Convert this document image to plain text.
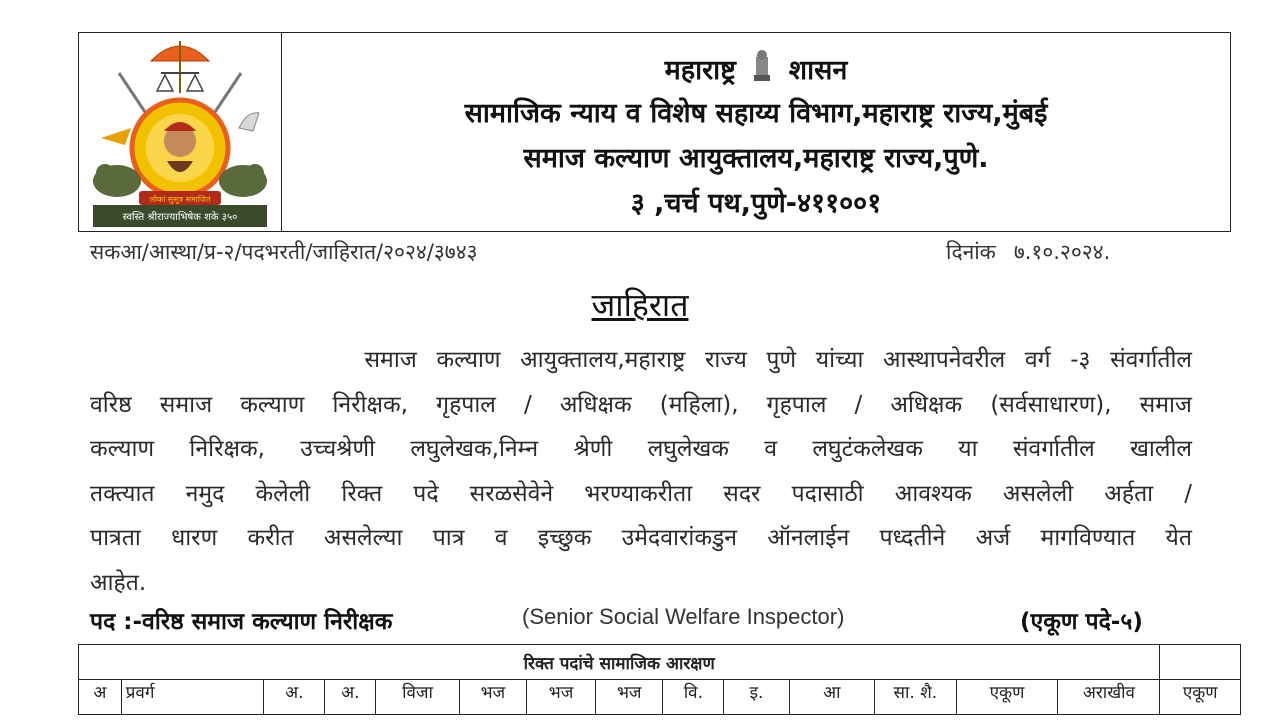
लोकां सुसूत्र समाजितं
स्वस्ति श्रीराज्याभिषेक शके ३५०
महाराष्ट्र शासन
सामाजिक न्याय व विशेष सहाय्य विभाग,महाराष्ट्र राज्य,मुंबई
समाज कल्याण आयुक्तालय,महाराष्ट्र राज्य,पुणे.
३ ,चर्च पथ,पुणे-४११००१
सकआ/आस्था/प्र-२/पदभरती/जाहिरात/२०२४/३७४३	दिनांक ७.१०.२०२४.
जाहिरात
समाज कल्याण आयुक्तालय,महाराष्ट्र राज्य पुणे यांच्या आस्थापनेवरील वर्ग -३ संवर्गातील
वरिष्ठ समाज कल्याण निरीक्षक, गृहपाल / अधिक्षक (महिला), गृहपाल / अधिक्षक (सर्वसाधारण), समाज
कल्याण निरिक्षक, उच्चश्रेणी लघुलेखक,निम्न श्रेणी लघुलेखक व लघुटंकलेखक या संवर्गातील खालील
तक्त्यात नमुद केलेली रिक्त पदे सरळसेवेने भरण्याकरीता सदर पदासाठी आवश्यक असलेली अर्हता /
पात्रता धारण करीत असलेल्या पात्र व इच्छुक उमेदवारांकडुन ऑनलाईन पध्दतीने अर्ज मागविण्यात येत
आहेत.
पद :-वरिष्ठ समाज कल्याण निरीक्षक	(Senior Social Welfare Inspector)	(एकूण पदे-५)
रिक्त पदांचे सामाजिक आरक्षण														
अ	प्रवर्ग	अ.	अ.	विजा	भज	भज	भज	वि.	इ.	आ	सा. शै.	एकूण	अराखीव	एकूण
